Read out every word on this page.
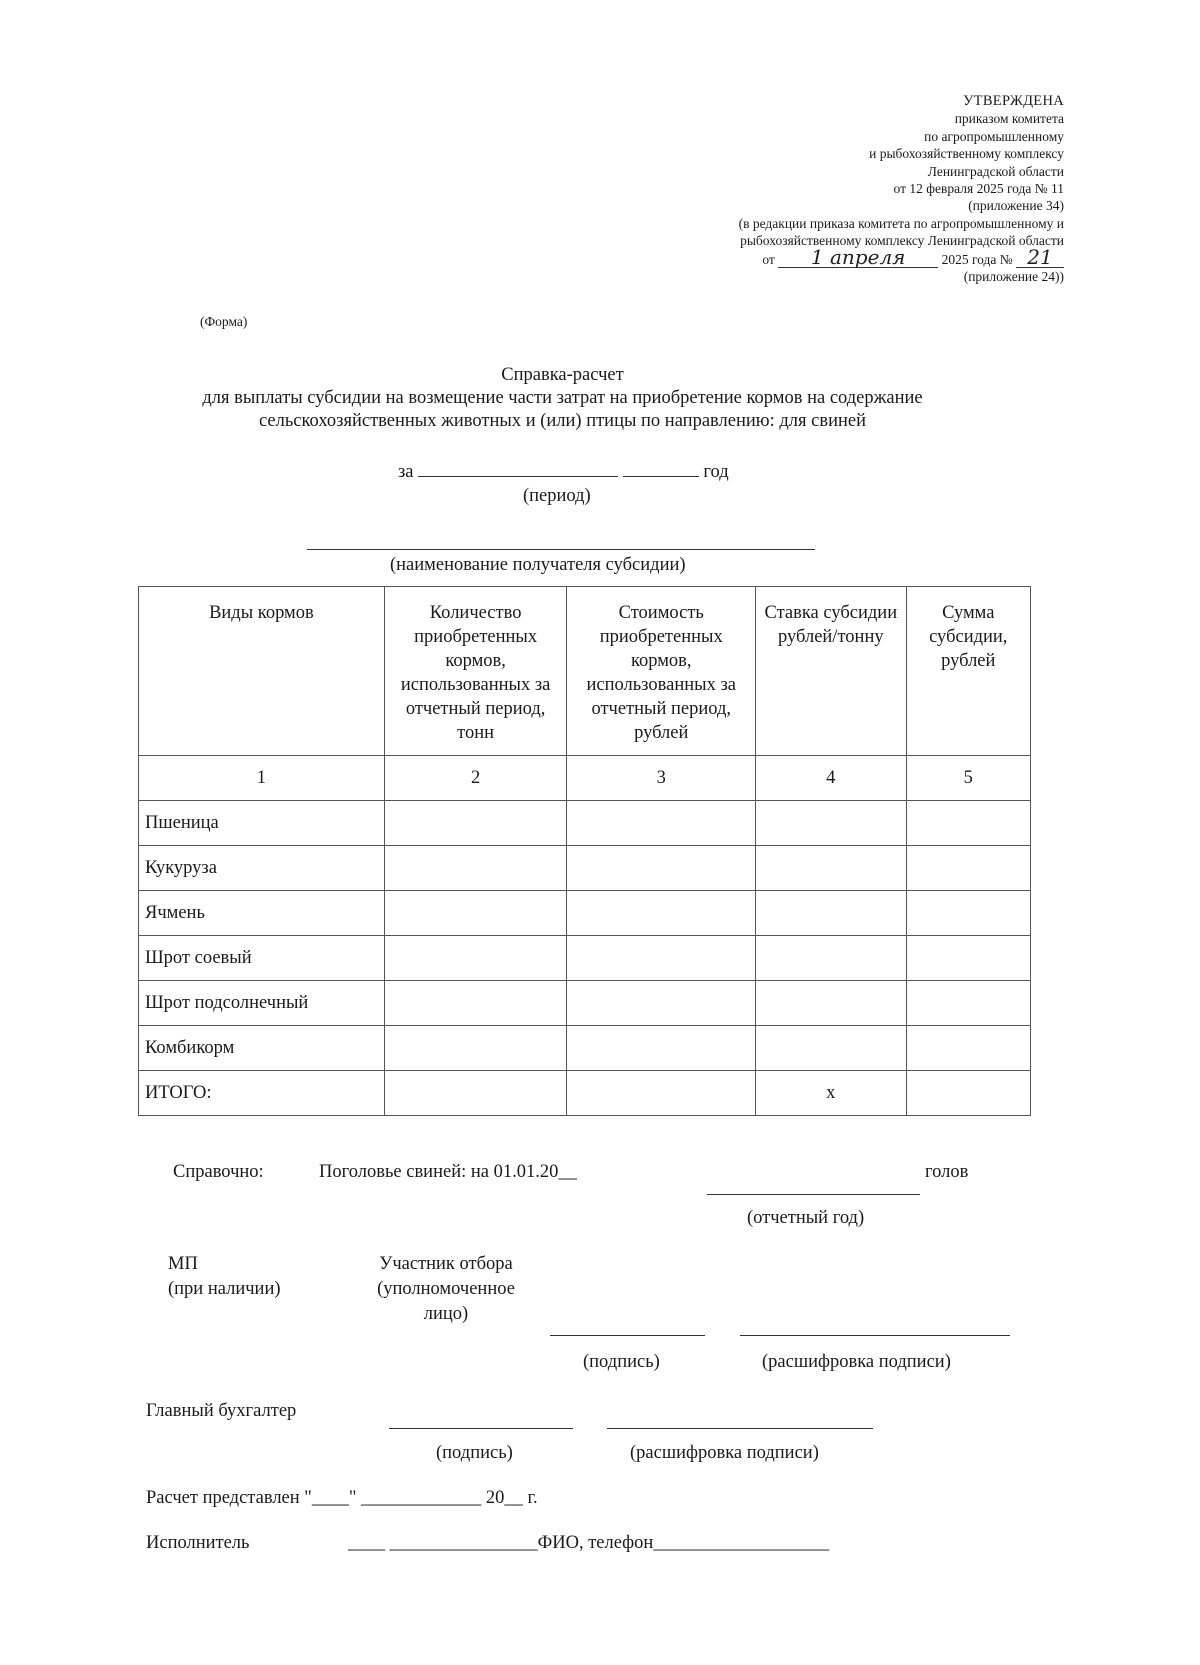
УТВЕРЖДЕНА
приказом комитета
по агропромышленному
и рыбохозяйственному комплексу
Ленинградской области
от 12 февраля 2025 года № 11
(приложение 34)
(в редакции приказа комитета по агропромышленному и
рыбохозяйственному комплексу Ленинградской области
от 1 апреля	2025 года № 21
(приложение 24))
(Форма)
Справка-расчет
для выплаты субсидии на возмещение части затрат на приобретение кормов на содержание
сельскохозяйственных животных и (или) птицы по направлению: для свиней
за	год
(период)
(наименование получателя субсидии)
Виды кормов	Количество приобретенных кормов, использованных за отчетный период, тонн	Стоимость приобретенных кормов, использованных за отчетный период, рублей	Ставка субсидии рублей/тонну	Сумма субсидии, рублей
1	2	3	4	5
Пшеница				
Кукуруза				
Ячмень				
Шрот соевый				
Шрот подсолнечный				
Комбикорм				
ИТОГО:			x	
Справочно:	Поголовье свиней: на 01.01.20__	голов
(отчетный год)
МП
(при наличии)
Участник отбора
(уполномоченное
лицо)
(подпись)	(расшифровка подписи)
Главный бухгалтер
(подпись)	(расшифровка подписи)
Расчет представлен "____" _____________ 20__ г.
Исполнитель	____ ________________ФИО, телефон___________________
